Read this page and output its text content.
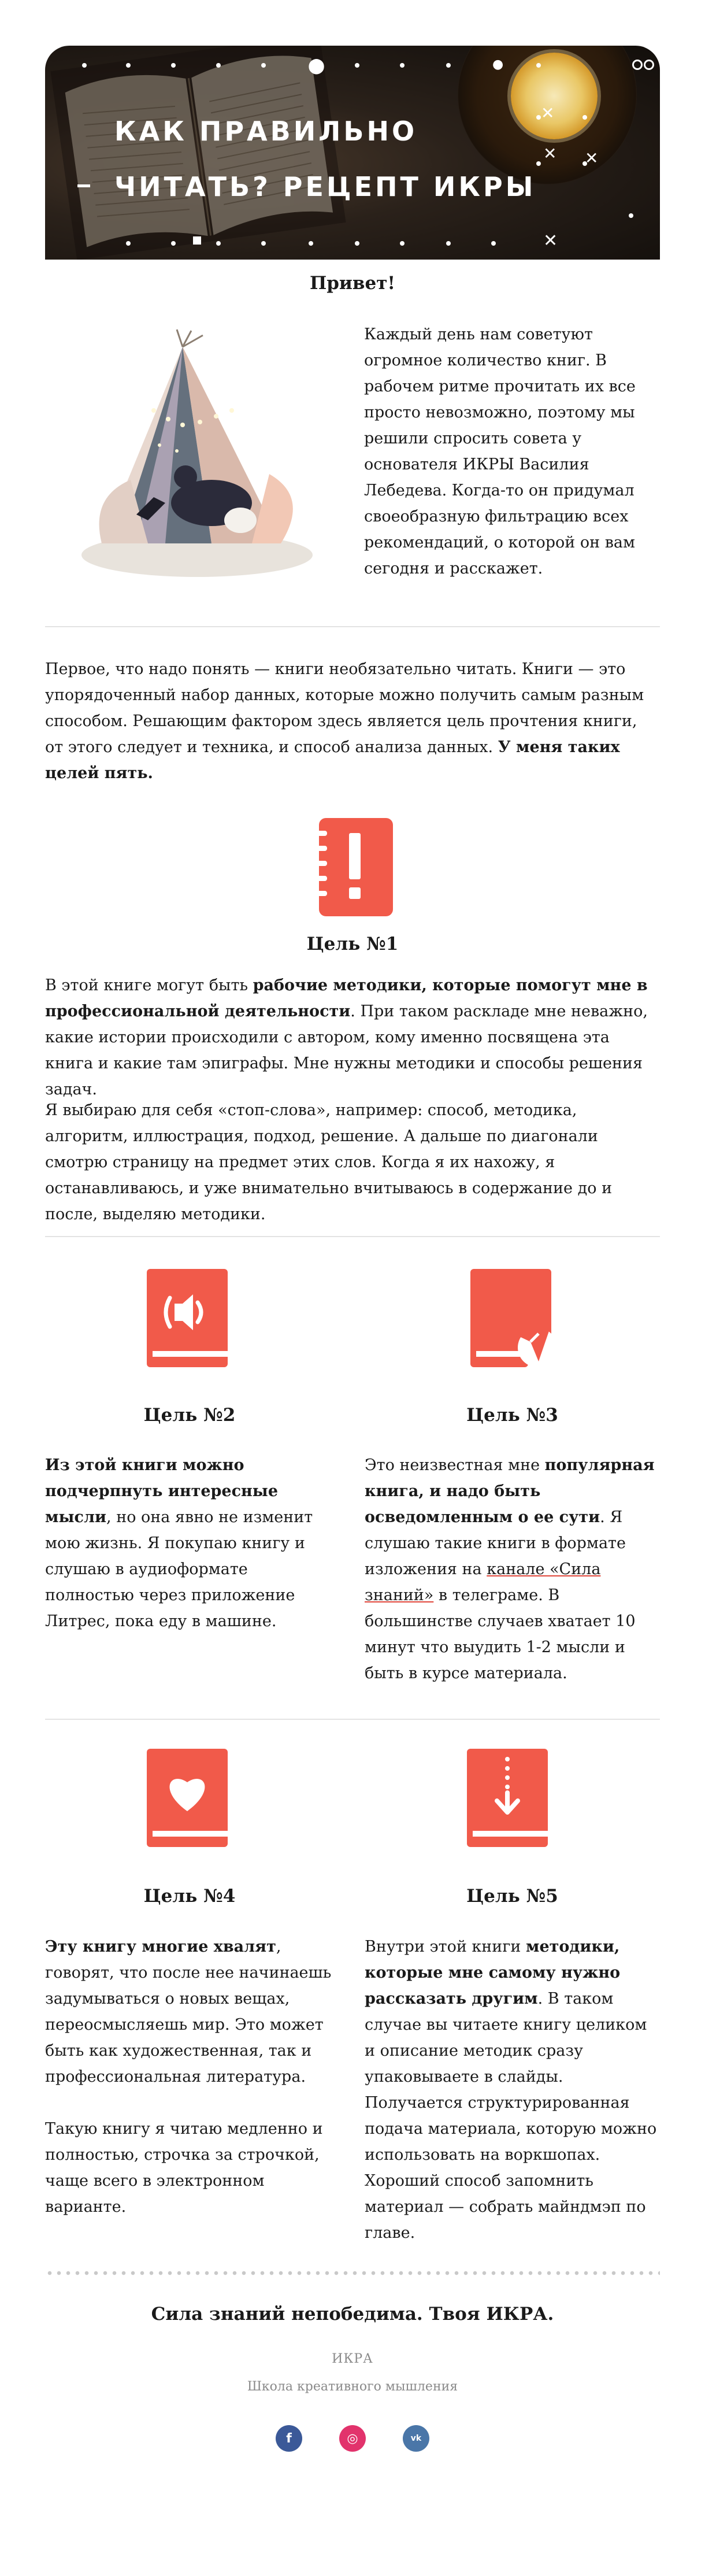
⬤	●
✕
✕
✕ ✕
КАК ПРАВИЛЬНО
ЧИТАТЬ? РЕЦЕПТ ИКРЫ

Привет!

Каждый день нам советуют огромное количество книг. В рабочем ритме прочитать их все просто невозможно, поэтому мы решили спросить совета у основателя ИКРЫ Василия Лебедева. Когда-то он придумал своеобразную фильтрацию всех рекомендаций, о которой он вам сегодня и расскажет.

Первое, что надо понять — книги необязательно читать. Книги — это упорядоченный набор данных, которые можно получить самым разным способом. Решающим фактором здесь является цель прочтения книги, от этого следует и техника, и способ анализа данных. У меня таких целей пять.

Цель №1

В этой книге могут быть рабочие методики, которые помогут мне в профессиональной деятельности. При таком раскладе мне неважно, какие истории происходили с автором, кому именно посвящена эта книга и какие там эпиграфы. Мне нужны методики и способы решения задач.

Я выбираю для себя «стоп-слова», например: способ, методика, алгоритм, иллюстрация, подход, решение. А дальше по диагонали смотрю страницу на предмет этих слов. Когда я их нахожу, я останавливаюсь, и уже внимательно вчитываюсь в содержание до и после, выделяю методики.

Цель №2	Цель №3

Из этой книги можно подчерпнуть интересные мысли, но она явно не изменит мою жизнь. Я покупаю книгу и слушаю в аудиоформате полностью через приложение Литрес, пока еду в машине.

Это неизвестная мне популярная книга, и надо быть осведомленным о ее сути. Я слушаю такие книги в формате изложения на канале «Сила знаний» в телеграме. В большинстве случаев хватает 10 минут что выудить 1-2 мысли и быть в курсе материала.

Цель №4	Цель №5

Эту книгу многие хвалят, говорят, что после нее начинаешь задумываться о новых вещах, переосмысляешь мир. Это может быть как художественная, так и профессиональная литература.

Такую книгу я читаю медленно и полностью, строчка за строчкой, чаще всего в электронном варианте.

Внутри этой книги методики, которые мне самому нужно рассказать другим. В таком случае вы читаете книгу целиком и описание методик сразу упаковываете в слайды. Получается структурированная подача материала, которую можно использовать на воркшопах. Хороший способ запомнить материал — собрать майндмэп по главе.

Сила знаний непобедима. Твоя ИКРА.

ИКРА
Школа креативного мышления
f	◎	vk
